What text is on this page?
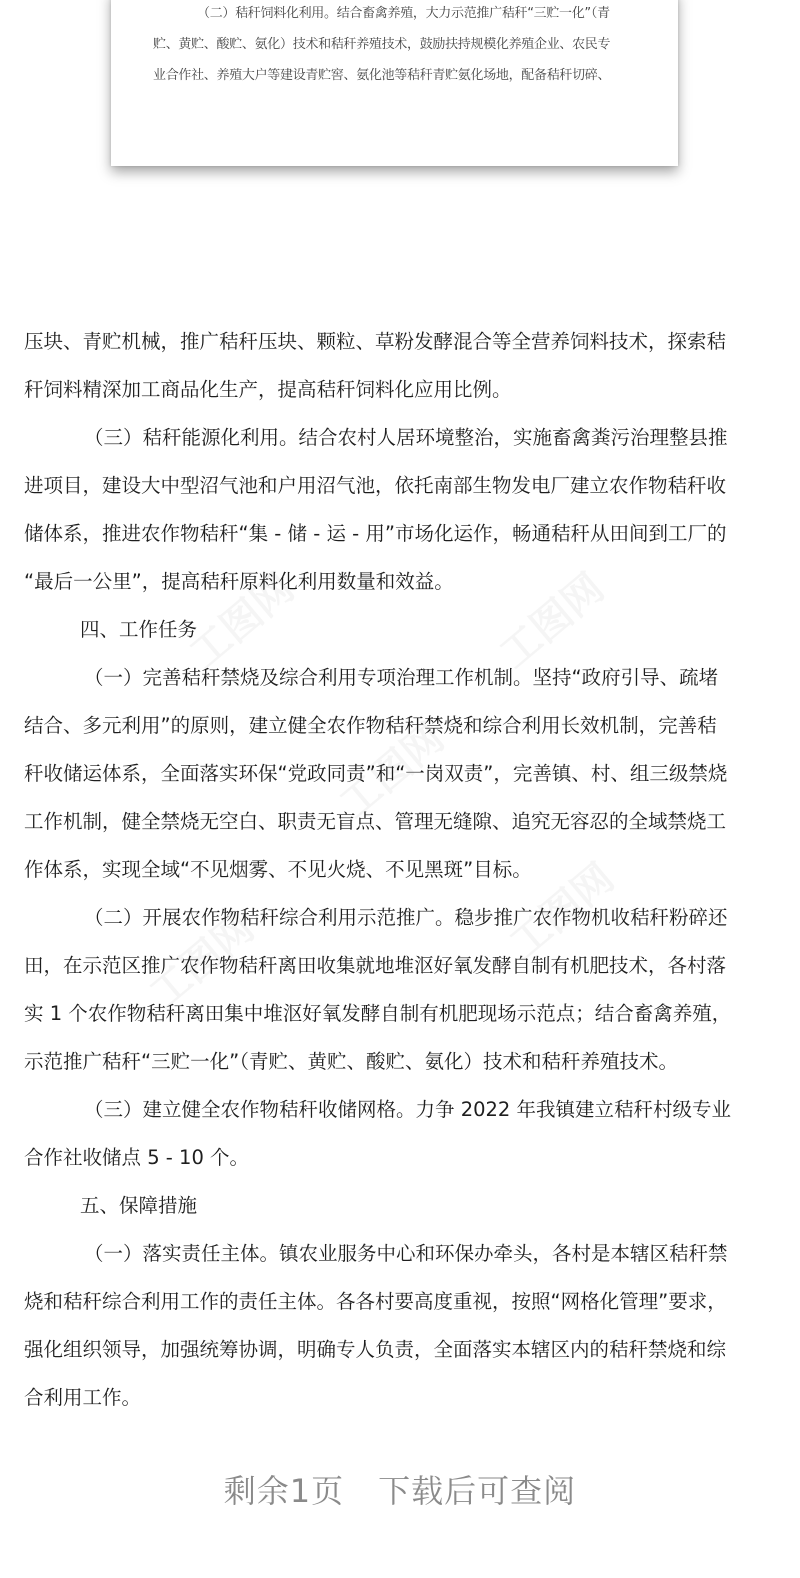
工图网	工图网
工图网
工图网
工图网

（二）秸秆饲料化利用。结合畜禽养殖，大力示范推广秸秆“三贮一化”（青

贮、黄贮、酸贮、氨化）技术和秸秆养殖技术，鼓励扶持规模化养殖企业、农民专

业合作社、养殖大户等建设青贮窖、氨化池等秸秆青贮氨化场地，配备秸秆切碎、

压块、青贮机械，推广秸秆压块、颗粒、草粉发酵混合等全营养饲料技术，探索秸

秆饲料精深加工商品化生产，提高秸秆饲料化应用比例。

（三）秸秆能源化利用。结合农村人居环境整治，实施畜禽粪污治理整县推

进项目，建设大中型沼气池和户用沼气池，依托南部生物发电厂建立农作物秸秆收

储体系，推进农作物秸秆“集 - 储 - 运 - 用”市场化运作，畅通秸秆从田间到工厂的

“最后一公里”，提高秸秆原料化利用数量和效益。

四、工作任务

（一）完善秸秆禁烧及综合利用专项治理工作机制。坚持“政府引导、疏堵

结合、多元利用”的原则，建立健全农作物秸秆禁烧和综合利用长效机制，完善秸

秆收储运体系，全面落实环保“党政同责”和“一岗双责”，完善镇、村、组三级禁烧

工作机制，健全禁烧无空白、职责无盲点、管理无缝隙、追究无容忍的全域禁烧工

作体系，实现全域“不见烟雾、不见火烧、不见黑斑”目标。

（二）开展农作物秸秆综合利用示范推广。稳步推广农作物机收秸秆粉碎还

田，在示范区推广农作物秸秆离田收集就地堆沤好氧发酵自制有机肥技术，各村落

实 1 个农作物秸秆离田集中堆沤好氧发酵自制有机肥现场示范点；结合畜禽养殖，

示范推广秸秆“三贮一化”（青贮、黄贮、酸贮、氨化）技术和秸秆养殖技术。

（三）建立健全农作物秸秆收储网格。力争 2022 年我镇建立秸秆村级专业

合作社收储点 5 - 10 个。

五、保障措施

（一）落实责任主体。镇农业服务中心和环保办牵头，各村是本辖区秸秆禁

烧和秸秆综合利用工作的责任主体。各各村要高度重视，按照“网格化管理”要求，

强化组织领导，加强统筹协调，明确专人负责，全面落实本辖区内的秸秆禁烧和综

合利用工作。

剩余1页 下载后可查阅
